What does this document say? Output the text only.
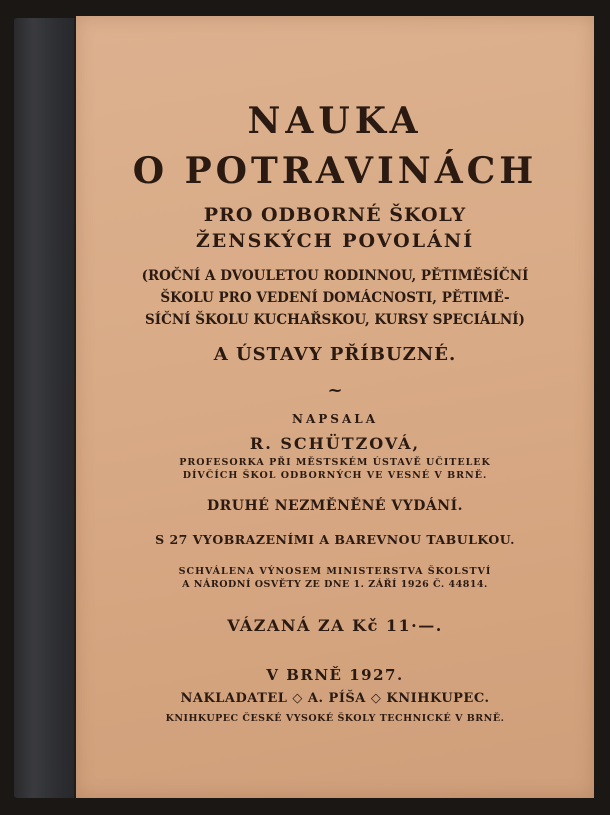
NAUKA
O POTRAVINÁCH
PRO ODBORNÉ ŠKOLY
ŽENSKÝCH POVOLÁNÍ
(ROČNÍ A DVOULETOU RODINNOU, PĚTIMĚSÍČNÍ
ŠKOLU PRO VEDENÍ DOMÁCNOSTI, PĚTIMĚ-
SÍČNÍ ŠKOLU KUCHAŘSKOU, KURSY SPECIÁLNÍ)
A ÚSTAVY PŘÍBUZNÉ.
~
NAPSALA
R. SCHÜTZOVÁ,
PROFESORKA PŘI MĚSTSKÉM ÚSTAVĚ UČITELEK
DÍVČÍCH ŠKOL ODBORNÝCH VE VESNÉ V BRNĚ.
DRUHÉ NEZMĚNĚNÉ VYDÁNÍ.
S 27 VYOBRAZENÍMI A BAREVNOU TABULKOU.
SCHVÁLENA VÝNOSEM MINISTERSTVA ŠKOLSTVÍ
A NÁRODNÍ OSVĚTY ZE DNE 1. ZÁŘÍ 1926 Č. 44814.
VÁZANÁ ZA Kč 11·—.
V BRNĚ 1927.
NAKLADATEL ◇ A. PÍŠA ◇ KNIHKUPEC.
KNIHKUPEC ČESKÉ VYSOKÉ ŠKOLY TECHNICKÉ V BRNĚ.
